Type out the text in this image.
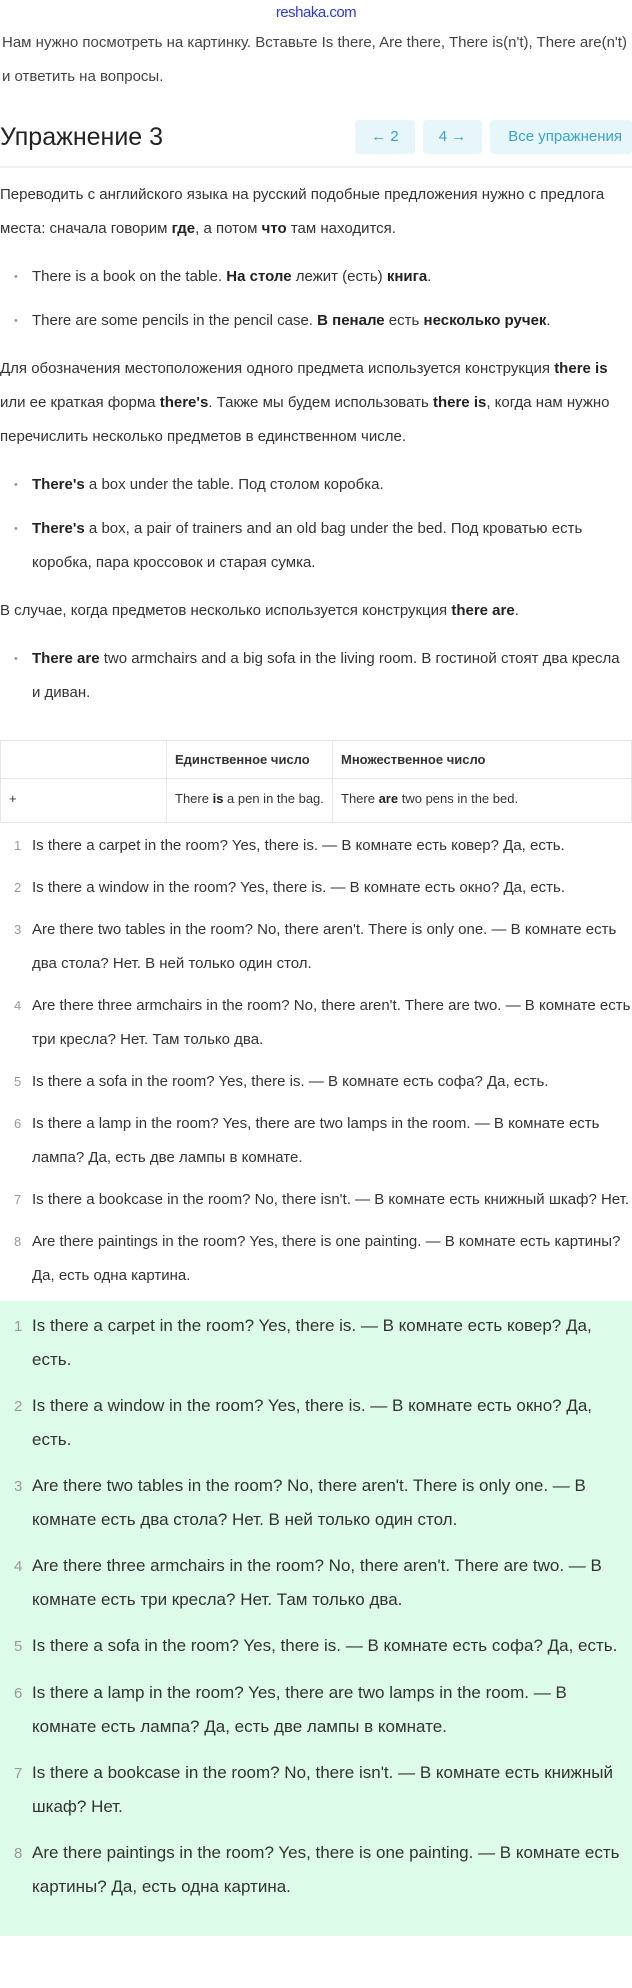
reshaka.com

Нам нужно посмотреть на картинку. Вставьте Is there, Are there, There is(n't), There are(n't) и ответить на вопросы.

Упражнение 3	← 2	4 →	Все упражнения

Переводить с английского языка на русский подобные предложения нужно с предлога места: сначала говорим где, а потом что там находится.

• There is a book on the table. На столе лежит (есть) книга.
• There are some pencils in the pencil case. В пенале есть несколько ручек.

Для обозначения местоположения одного предмета используется конструкция there is или ее краткая форма there's. Также мы будем использовать there is, когда нам нужно перечислить несколько предметов в единственном числе.

• There's a box under the table. Под столом коробка.
• There's a box, a pair of trainers and an old bag under the bed. Под кроватью есть коробка, пара кроссовок и старая сумка.

В случае, когда предметов несколько используется конструкция there are.

• There are two armchairs and a big sofa in the living room. В гостиной стоят два кресла и диван.
	Единственное число	Множественное число
+	There is a pen in the bag.	There are two pens in the bed.
1 Is there a carpet in the room? Yes, there is. — В комнате есть ковер? Да, есть.
2 Is there a window in the room? Yes, there is. — В комнате есть окно? Да, есть.
3 Are there two tables in the room? No, there aren't. There is only one. — В комнате есть два стола? Нет. В ней только один стол.
4 Are there three armchairs in the room? No, there aren't. There are two. — В комнате есть три кресла? Нет. Там только два.
5 Is there a sofa in the room? Yes, there is. — В комнате есть софа? Да, есть.
6 Is there a lamp in the room? Yes, there are two lamps in the room. — В комнате есть лампа? Да, есть две лампы в комнате.
7 Is there a bookcase in the room? No, there isn't. — В комнате есть книжный шкаф? Нет.
8 Are there paintings in the room? Yes, there is one painting. — В комнате есть картины? Да, есть одна картина.
1 Is there a carpet in the room? Yes, there is. — В комнате есть ковер? Да, есть.
2 Is there a window in the room? Yes, there is. — В комнате есть окно? Да, есть.
3 Are there two tables in the room? No, there aren't. There is only one. — В комнате есть два стола? Нет. В ней только один стол.
4 Are there three armchairs in the room? No, there aren't. There are two. — В комнате есть три кресла? Нет. Там только два.
5 Is there a sofa in the room? Yes, there is. — В комнате есть софа? Да, есть.
6 Is there a lamp in the room? Yes, there are two lamps in the room. — В комнате есть лампа? Да, есть две лампы в комнате.
7 Is there a bookcase in the room? No, there isn't. — В комнате есть книжный шкаф? Нет.
8 Are there paintings in the room? Yes, there is one painting. — В комнате есть картины? Да, есть одна картина.
